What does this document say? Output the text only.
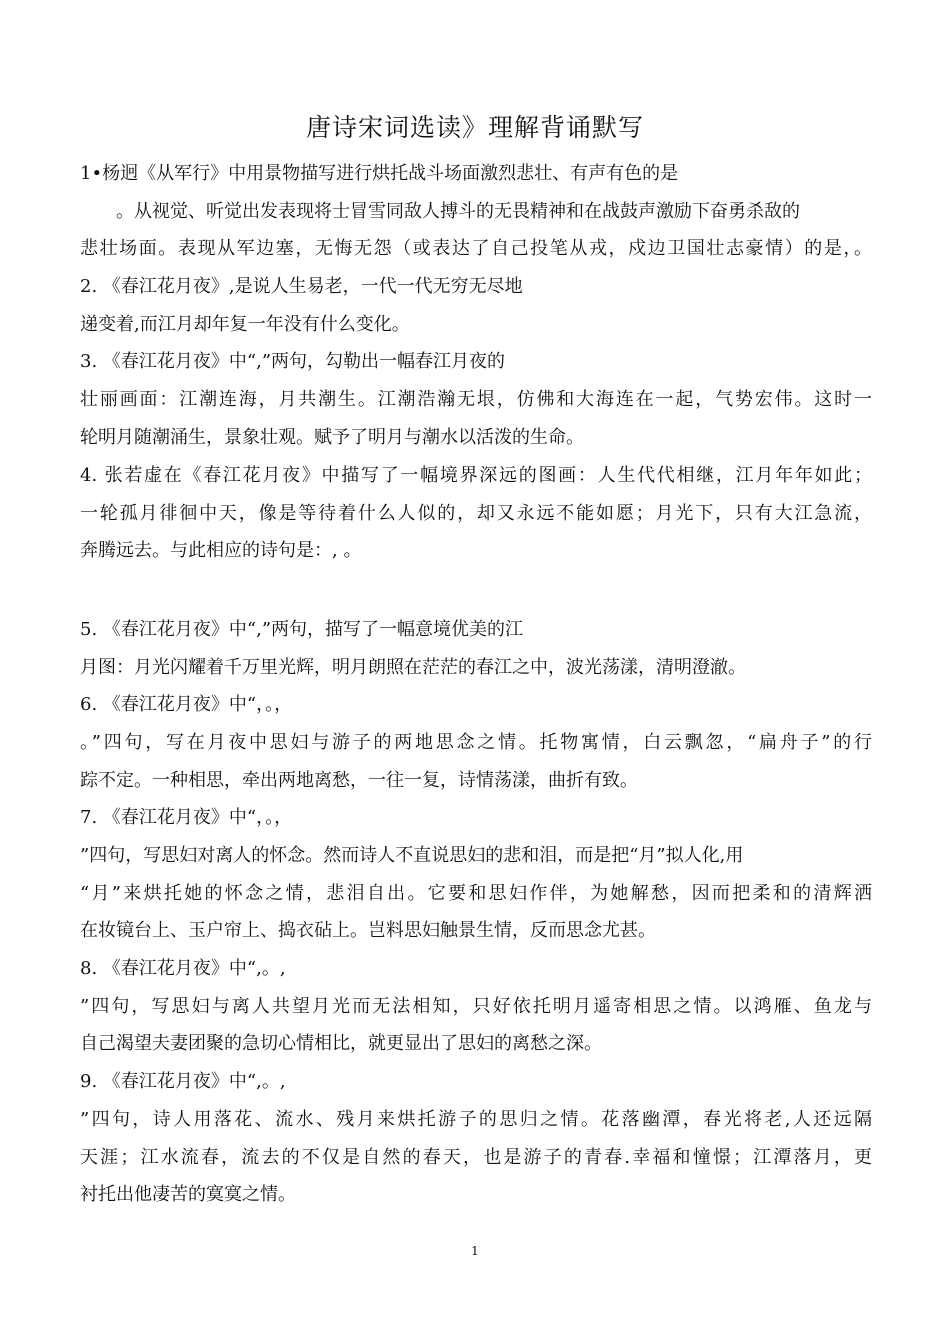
唐诗宋词选读》理解背诵默写
1•杨迥《从军行》中用景物描写进行烘托战斗场面激烈悲壮、有声有色的是
。从视觉、听觉出发表现将士冒雪同敌人搏斗的无畏精神和在战鼓声激励下奋勇杀敌的
悲壮场面。表现从军边塞，无悔无怨（或表达了自己投笔从戎，戍边卫国壮志豪情）的是，。
2. 《春江花月夜》,是说人生易老，一代一代无穷无尽地
递变着,而江月却年复一年没有什么变化。
3. 《春江花月夜》中“,”两句，勾勒出一幅春江月夜的
壮丽画面：江潮连海，月共潮生。江潮浩瀚无垠，仿佛和大海连在一起，气势宏伟。这时一
轮明月随潮涌生，景象壮观。赋予了明月与潮水以活泼的生命。
4. 张若虚在《春江花月夜》中描写了一幅境界深远的图画：人生代代相继，江月年年如此；
一轮孤月徘徊中天，像是等待着什么人似的，却又永远不能如愿；月光下，只有大江急流，
奔腾远去。与此相应的诗句是：, 。
5. 《春江花月夜》中“,”两句，描写了一幅意境优美的江
月图：月光闪耀着千万里光辉，明月朗照在茫茫的春江之中，波光荡漾，清明澄澈。
6. 《春江花月夜》中“，。，
。”四句，写在月夜中思妇与游子的两地思念之情。托物寓情，白云飘忽，“扁舟子”的行
踪不定。一种相思，牵出两地离愁，一往一复，诗情荡漾，曲折有致。
7. 《春江花月夜》中“，。，
”四句，写思妇对离人的怀念。然而诗人不直说思妇的悲和泪，而是把“月”拟人化,用
“月”来烘托她的怀念之情，悲泪自出。它要和思妇作伴，为她解愁，因而把柔和的清辉洒
在妆镜台上、玉户帘上、捣衣砧上。岂料思妇触景生情，反而思念尤甚。
8. 《春江花月夜》中“,。,
”四句，写思妇与离人共望月光而无法相知，只好依托明月遥寄相思之情。以鸿雁、鱼龙与
自己渴望夫妻团聚的急切心情相比，就更显出了思妇的离愁之深。
9. 《春江花月夜》中“,。,
”四句，诗人用落花、流水、残月来烘托游子的思归之情。花落幽潭，春光将老,人还远隔
天涯；江水流春，流去的不仅是自然的春天，也是游子的青春.幸福和憧憬；江潭落月，更
衬托出他凄苦的寞寞之情。
1
